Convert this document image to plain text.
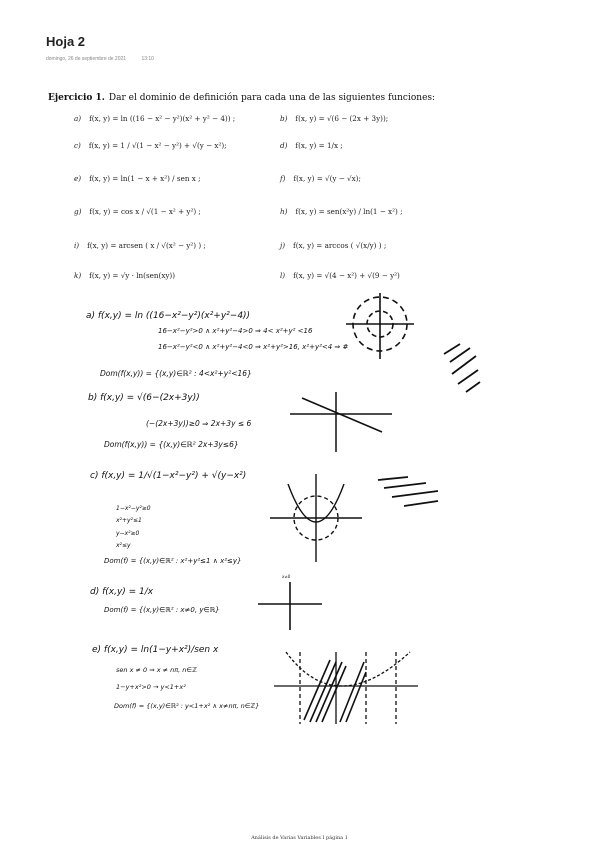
Hoja 2
domingo, 26 de septiembre de 2021	13:10
Ejercicio 1. Dar el dominio de definición para cada una de las siguientes funciones:
a) f(x, y) = ln ((16 − x² − y²)(x² + y² − 4)) ;	b) f(x, y) = √(6 − (2x + 3y));
c) f(x, y) = 1 / √(1 − x² − y²) + √(y − x²);	d) f(x, y) = 1/x ;
e) f(x, y) = ln(1 − x + x²) / sen x ;	f) f(x, y) = √(y − √x);
g) f(x, y) = cos x / √(1 − x² + y²) ;	h) f(x, y) = sen(x²y) / ln(1 − x²) ;
i) f(x, y) = arcsen ( x / √(x² − y²) ) ;	j) f(x, y) = arccos ( √(x/y) ) ;
k) f(x, y) = √y · ln(sen(xy))	l) f(x, y) = √(4 − x²) + √(9 − y²)
a) f(x,y) = ln ((16−x²−y²)(x²+y²−4))
16−x²−y²>0 ∧ x²+y²−4>0 ⇒ 4< x²+y² <16
16−x²−y²<0 ∧ x²+y²−4<0 ⇒ x²+y²>16, x²+y²<4 ⇒ #
Dom(f(x,y)) = {(x,y)∈ℝ² : 4<x²+y²<16}
b) f(x,y) = √(6−(2x+3y))
(−(2x+3y))≥0 ⇒ 2x+3y ≤ 6
Dom(f(x,y)) = {(x,y)∈ℝ² 2x+3y≤6}
c) f(x,y) = 1/√(1−x²−y²) + √(y−x²)
1−x²−y²≥0
x²+y²≤1
y−x²≥0
x²≤y
Dom(f) = {(x,y)∈ℝ² : x²+y²≤1 ∧ x²≤y}
d) f(x,y) = 1/x
Dom(f) = {(x,y)∈ℝ² : x≠0, y∈ℝ}
e) f(x,y) = ln(1−y+x²)/sen x
sen x ≠ 0 ⇒ x ≠ nπ, n∈ℤ
1−y+x²>0 → y<1+x²
Dom(f) = {(x,y)∈ℝ² : y<1+x² ∧ x≠nπ, n∈ℤ}
x≠0
Análisis de Varias Variables I página 1
